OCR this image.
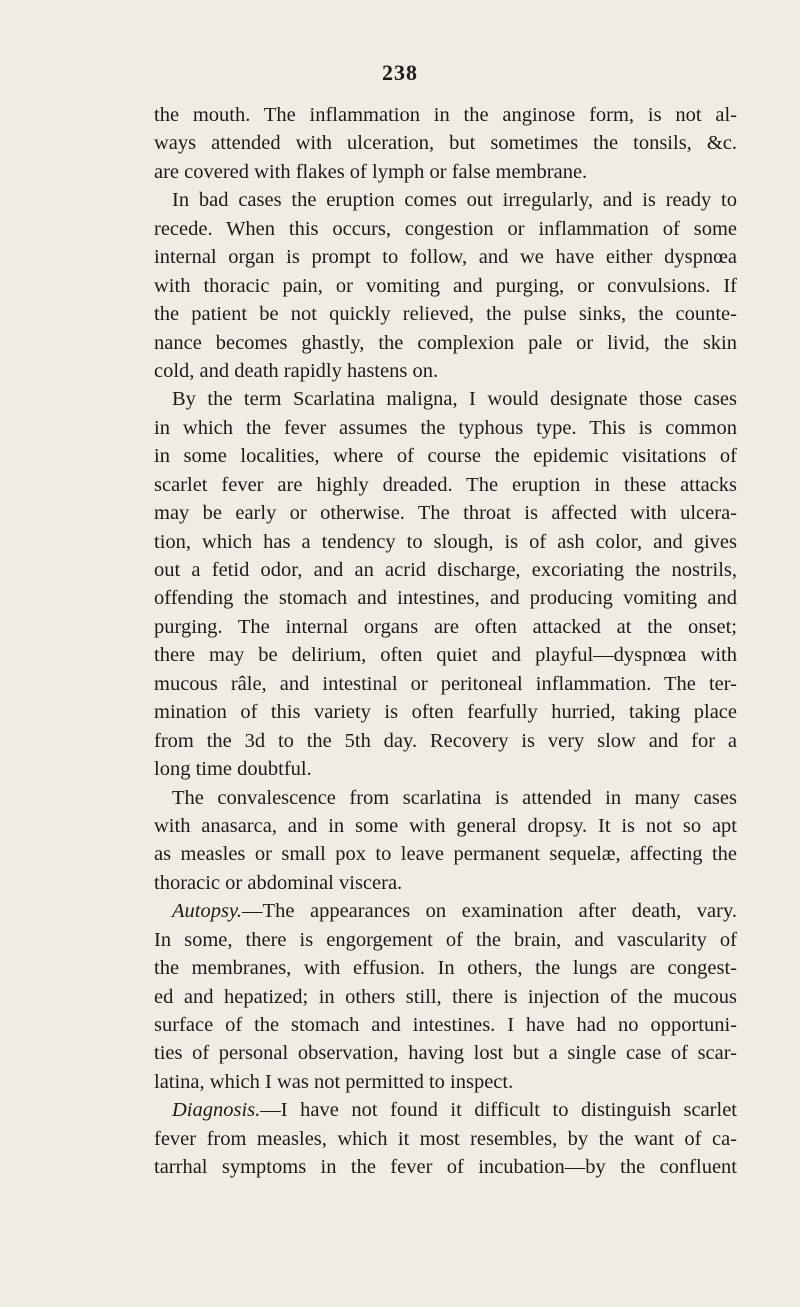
238
the mouth. The inflammation in the anginose form, is not al-
ways attended with ulceration, but sometimes the tonsils, &c.
are covered with flakes of lymph or false membrane.
In bad cases the eruption comes out irregularly, and is ready to
recede. When this occurs, congestion or inflammation of some
internal organ is prompt to follow, and we have either dyspnœa
with thoracic pain, or vomiting and purging, or convulsions. If
the patient be not quickly relieved, the pulse sinks, the counte-
nance becomes ghastly, the complexion pale or livid, the skin
cold, and death rapidly hastens on.
By the term Scarlatina maligna, I would designate those cases
in which the fever assumes the typhous type. This is common
in some localities, where of course the epidemic visitations of
scarlet fever are highly dreaded. The eruption in these attacks
may be early or otherwise. The throat is affected with ulcera-
tion, which has a tendency to slough, is of ash color, and gives
out a fetid odor, and an acrid discharge, excoriating the nostrils,
offending the stomach and intestines, and producing vomiting and
purging. The internal organs are often attacked at the onset;
there may be delirium, often quiet and playful—dyspnœa with
mucous râle, and intestinal or peritoneal inflammation. The ter-
mination of this variety is often fearfully hurried, taking place
from the 3d to the 5th day. Recovery is very slow and for a
long time doubtful.
The convalescence from scarlatina is attended in many cases
with anasarca, and in some with general dropsy. It is not so apt
as measles or small pox to leave permanent sequelæ, affecting the
thoracic or abdominal viscera.
Autopsy.—The appearances on examination after death, vary.
In some, there is engorgement of the brain, and vascularity of
the membranes, with effusion. In others, the lungs are congest-
ed and hepatized; in others still, there is injection of the mucous
surface of the stomach and intestines. I have had no opportuni-
ties of personal observation, having lost but a single case of scar-
latina, which I was not permitted to inspect.
Diagnosis.—I have not found it difficult to distinguish scarlet
fever from measles, which it most resembles, by the want of ca-
tarrhal symptoms in the fever of incubation—by the confluent
